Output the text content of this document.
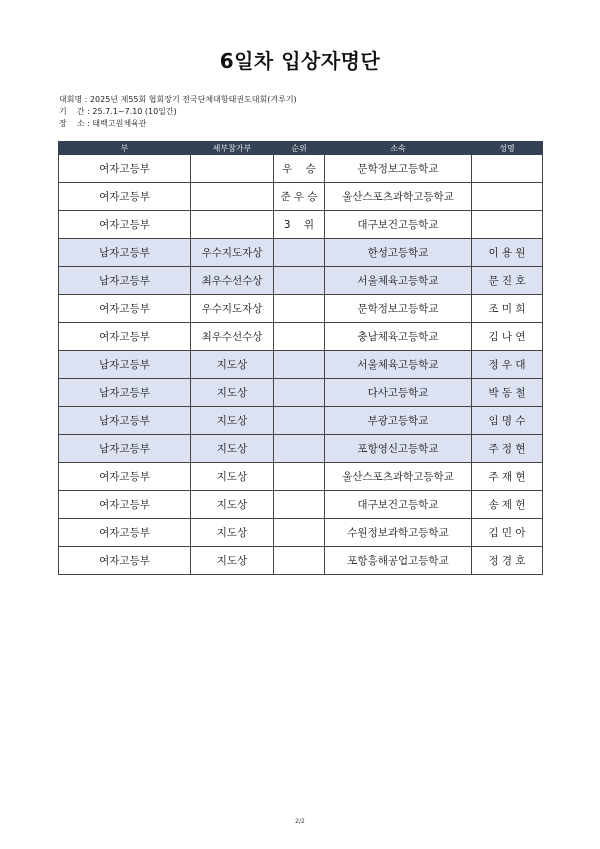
6일차 입상자명단
대회명 : 2025년 제55회 협회장기 전국단체대항태권도대회(겨루기)
기    간 : 25.7.1~7.10 (10일간)
장    소 : 태백고원체육관
부	세부참가부	순위	소속	성명
여자고등부		우    승	문학정보고등학교	
여자고등부		준 우 승	울산스포츠과학고등학교	
여자고등부		3    위	대구보건고등학교	
남자고등부	우수지도자상		한성고등학교	이 용 원
남자고등부	최우수선수상		서울체육고등학교	문 진 호
여자고등부	우수지도자상		문학정보고등학교	조 미 희
여자고등부	최우수선수상		충남체육고등학교	김 나 연
남자고등부	지도상		서울체육고등학교	정 우 대
남자고등부	지도상		다사고등학교	박 동 철
남자고등부	지도상		부광고등학교	임 명 수
남자고등부	지도상		포항영신고등학교	주 정 현
여자고등부	지도상		울산스포츠과학고등학교	주 재 현
여자고등부	지도상		대구보건고등학교	송 제 헌
여자고등부	지도상		수원정보과학고등학교	김 민 아
여자고등부	지도상		포항흥해공업고등학교	정 경 호
2/2
